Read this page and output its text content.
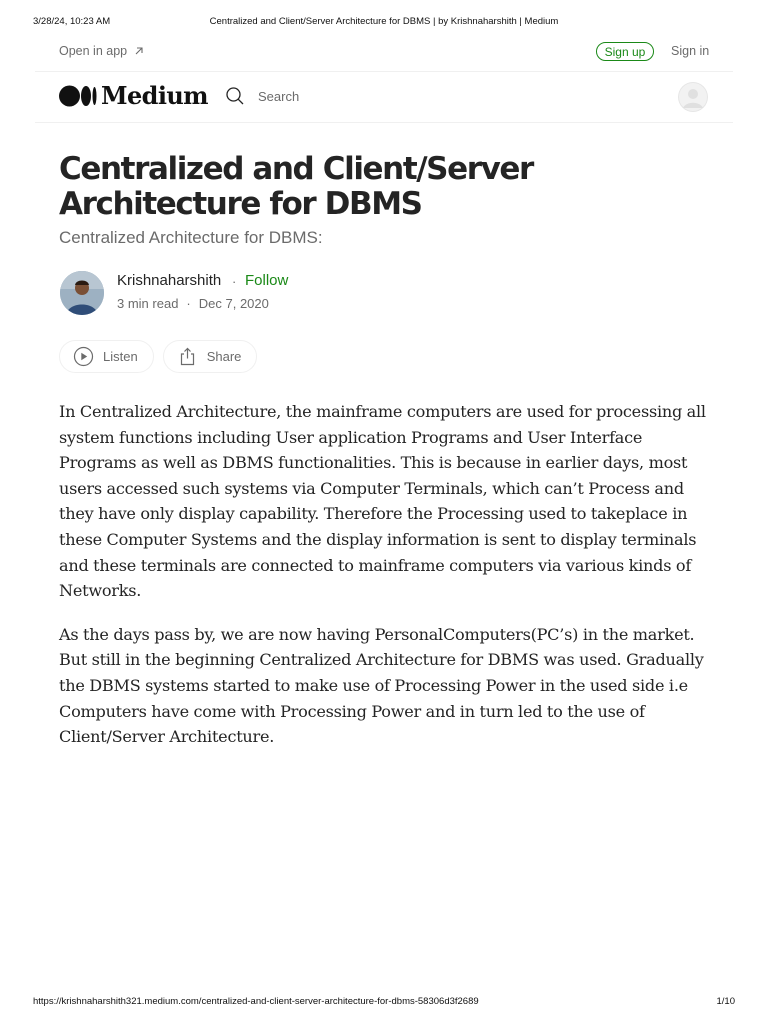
3/28/24, 10:23 AM	Centralized and Client/Server Architecture for DBMS | by Krishnaharshith | Medium
Open in app	Sign up	Sign in
Medium
Search
Centralized and Client/Server Architecture for DBMS

Centralized Architecture for DBMS:

Krishnaharshith · Follow
3 min read · Dec 7, 2020
Listen	Share

In Centralized Architecture, the mainframe computers are used for processing all system functions including User application Programs and User Interface Programs as well as DBMS functionalities. This is because in earlier days, most users accessed such systems via Computer Terminals, which can’t Process and they have only display capability. Therefore the Processing used to takeplace in these Computer Systems and the display information is sent to display terminals and these terminals are connected to mainframe computers via various kinds of Networks.

As the days pass by, we are now having PersonalComputers(PC’s) in the market. But still in the beginning Centralized Architecture for DBMS was used. Gradually the DBMS systems started to make use of Processing Power in the used side i.e Computers have come with Processing Power and in turn led to the use of Client/Server Architecture.

https://krishnaharshith321.medium.com/centralized-and-client-server-architecture-for-dbms-58306d3f2689	1/10
